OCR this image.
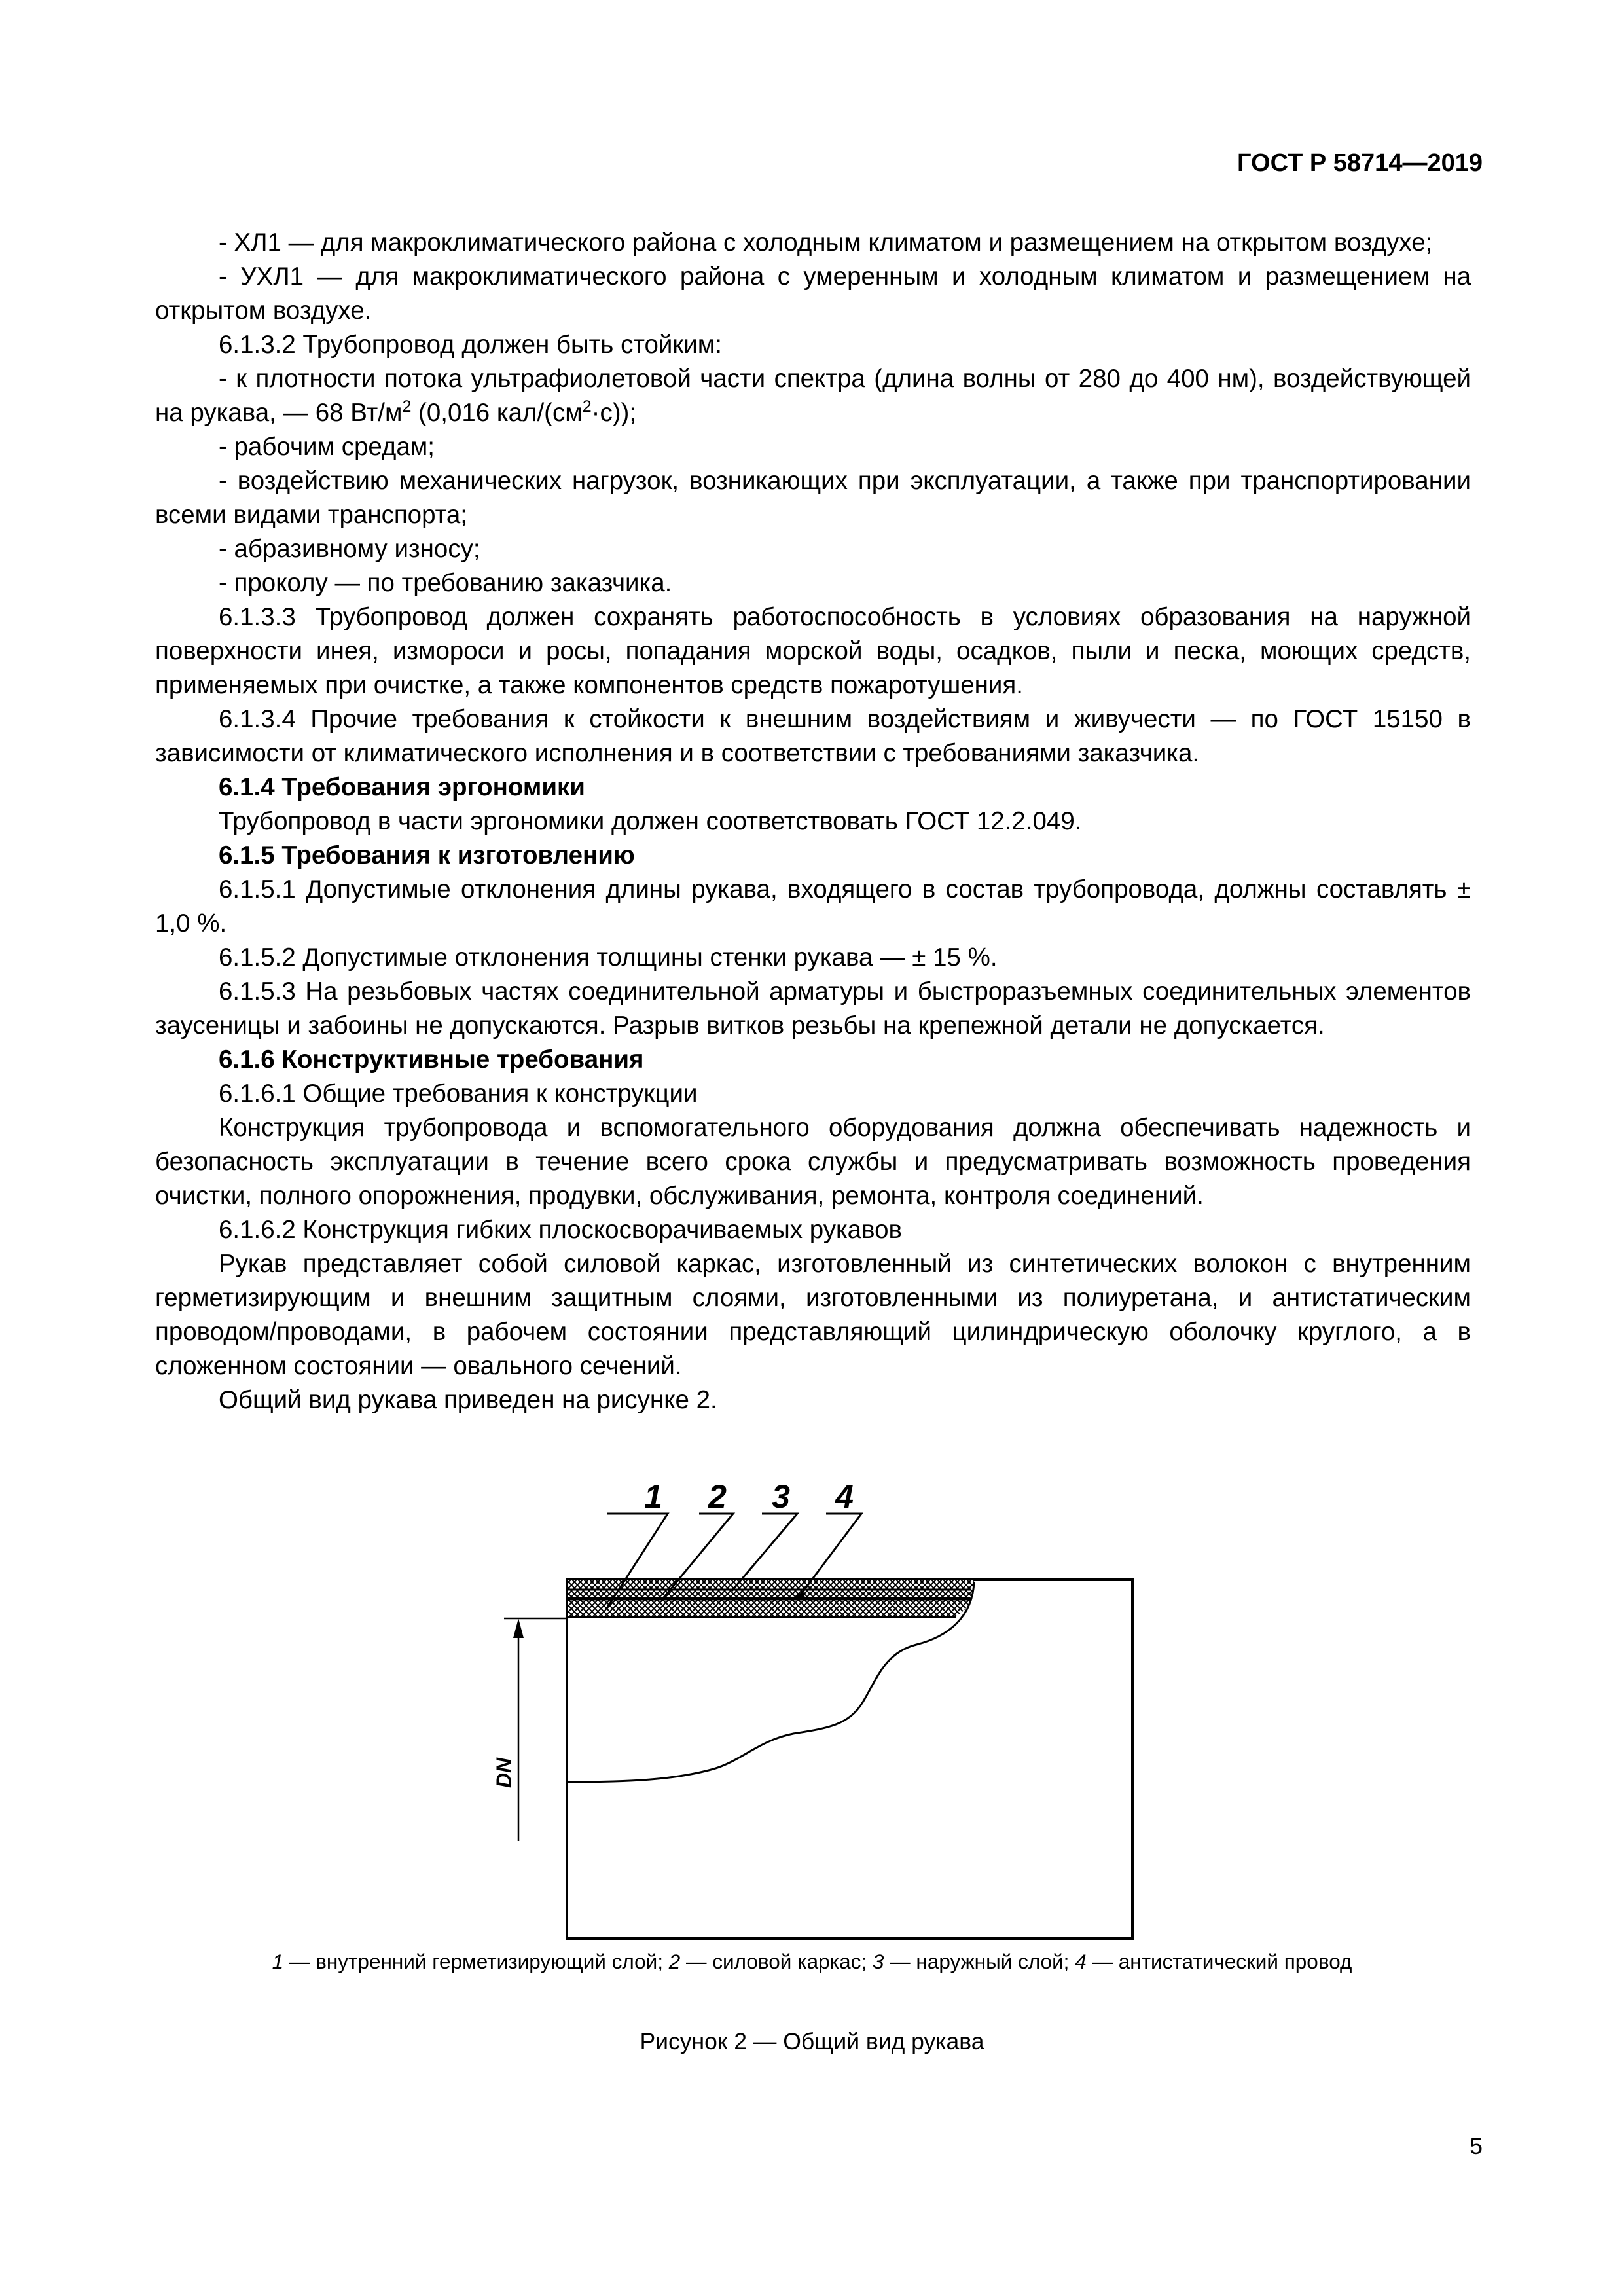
ГОСТ Р 58714—2019

- ХЛ1 — для макроклиматического района с холодным климатом и размещением на открытом воздухе;

- УХЛ1 — для макроклиматического района с умеренным и холодным климатом и размещением на открытом воздухе.

6.1.3.2 Трубопровод должен быть стойким:

- к плотности потока ультрафиолетовой части спектра (длина волны от 280 до 400 нм), воздействующей на рукава, — 68 $Вт/м^2$ (0,016 кал/$(см^2\cdot с)$);

- рабочим средам;

- воздействию механических нагрузок, возникающих при эксплуатации, а также при транспортировании всеми видами транспорта;

- абразивному износу;

- проколу — по требованию заказчика.

6.1.3.3 Трубопровод должен сохранять работоспособность в условиях образования на наружной поверхности инея, измороси и росы, попадания морской воды, осадков, пыли и песка, моющих средств, применяемых при очистке, а также компонентов средств пожаротушения.

6.1.3.4 Прочие требования к стойкости к внешним воздействиям и живучести — по ГОСТ 15150 в зависимости от климатического исполнения и в соответствии с требованиями заказчика.

6.1.4 Требования эргономики

Трубопровод в части эргономики должен соответствовать ГОСТ 12.2.049.

6.1.5 Требования к изготовлению

6.1.5.1 Допустимые отклонения длины рукава, входящего в состав трубопровода, должны составлять ± 1,0 %.

6.1.5.2 Допустимые отклонения толщины стенки рукава — ± 15 %.

6.1.5.3 На резьбовых частях соединительной арматуры и быстроразъемных соединительных элементов заусеницы и забоины не допускаются. Разрыв витков резьбы на крепежной детали не допускается.

6.1.6 Конструктивные требования

6.1.6.1 Общие требования к конструкции

Конструкция трубопровода и вспомогательного оборудования должна обеспечивать надежность и безопасность эксплуатации в течение всего срока службы и предусматривать возможность проведения очистки, полного опорожнения, продувки, обслуживания, ремонта, контроля соединений.

6.1.6.2 Конструкция гибких плоскосворачиваемых рукавов

Рукав представляет собой силовой каркас, изготовленный из синтетических волокон с внутренним герметизирующим и внешним защитным слоями, изготовленными из полиуретана, и антистатическим проводом/проводами, в рабочем состоянии представляющий цилиндрическую оболочку круглого, а в сложенном состоянии — овального сечений.

Общий вид рукава приведен на рисунке 2.

1 2 3 4
DN
1 — внутренний герметизирующий слой; 2 — силовой каркас; 3 — наружный слой; 4 — антистатический провод
Рисунок 2 — Общий вид рукава
5
